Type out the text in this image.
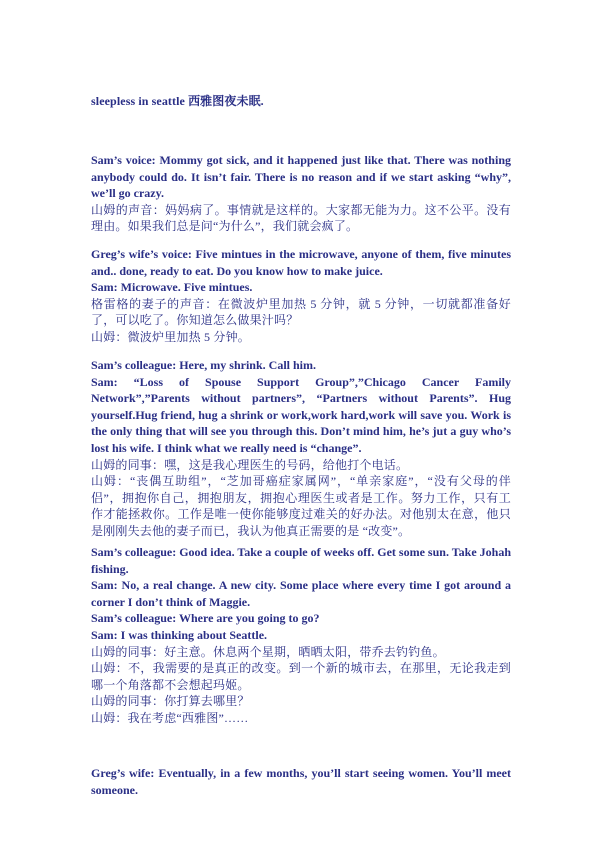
sleepless in seattle 西雅图夜未眠.

Sam’s voice: Mommy got sick, and it happened just like that. There was nothing anybody could do. It isn’t fair. There is no reason and if we start asking “why”, we’ll go crazy.

山姆的声音：妈妈病了。事情就是这样的。大家都无能为力。这不公平。没有理由。如果我们总是问“为什么”，我们就会疯了。

Greg’s wife’s voice: Five mintues in the microwave, anyone of them, five minutes and.. done, ready to eat. Do you know how to make juice.

Sam: Microwave. Five mintues.

格雷格的妻子的声音：在微波炉里加热 5 分钟，就 5 分钟，一切就都准备好了，可以吃了。你知道怎么做果汁吗？

山姆：微波炉里加热 5 分钟。

Sam’s colleague: Here, my shrink. Call him.

Sam: “Loss of Spouse Support Group”,”Chicago Cancer Family Network”,”Parents without partners”, “Partners without Parents”. Hug yourself.Hug friend, hug a shrink or work,work hard,work will save you. Work is the only thing that will see you through this. Don’t mind him, he’s jut a guy who’s lost his wife. I think what we really need is “change”.

山姆的同事：嘿，这是我心理医生的号码，给他打个电话。

山姆：“丧偶互助组”，“芝加哥癌症家属网”，“单亲家庭”，“没有父母的伴侣”，拥抱你自己，拥抱朋友，拥抱心理医生或者是工作。努力工作，只有工作才能拯救你。工作是唯一使你能够度过难关的好办法。对他别太在意，他只是刚刚失去他的妻子而已，我认为他真正需要的是 “改变”。

Sam’s colleague: Good idea. Take a couple of weeks off. Get some sun. Take Johah fishing.

Sam: No, a real change. A new city. Some place where every time I got around a corner I don’t think of Maggie.

Sam’s colleague: Where are you going to go?

Sam: I was thinking about Seattle.

山姆的同事：好主意。休息两个星期，晒晒太阳，带乔去钓钓鱼。

山姆：不，我需要的是真正的改变。到一个新的城市去，在那里，无论我走到哪一个角落都不会想起玛姬。

山姆的同事：你打算去哪里？

山姆：我在考虑“西雅图”……

Greg’s wife: Eventually, in a few months, you’ll start seeing women. You’ll meet someone.
